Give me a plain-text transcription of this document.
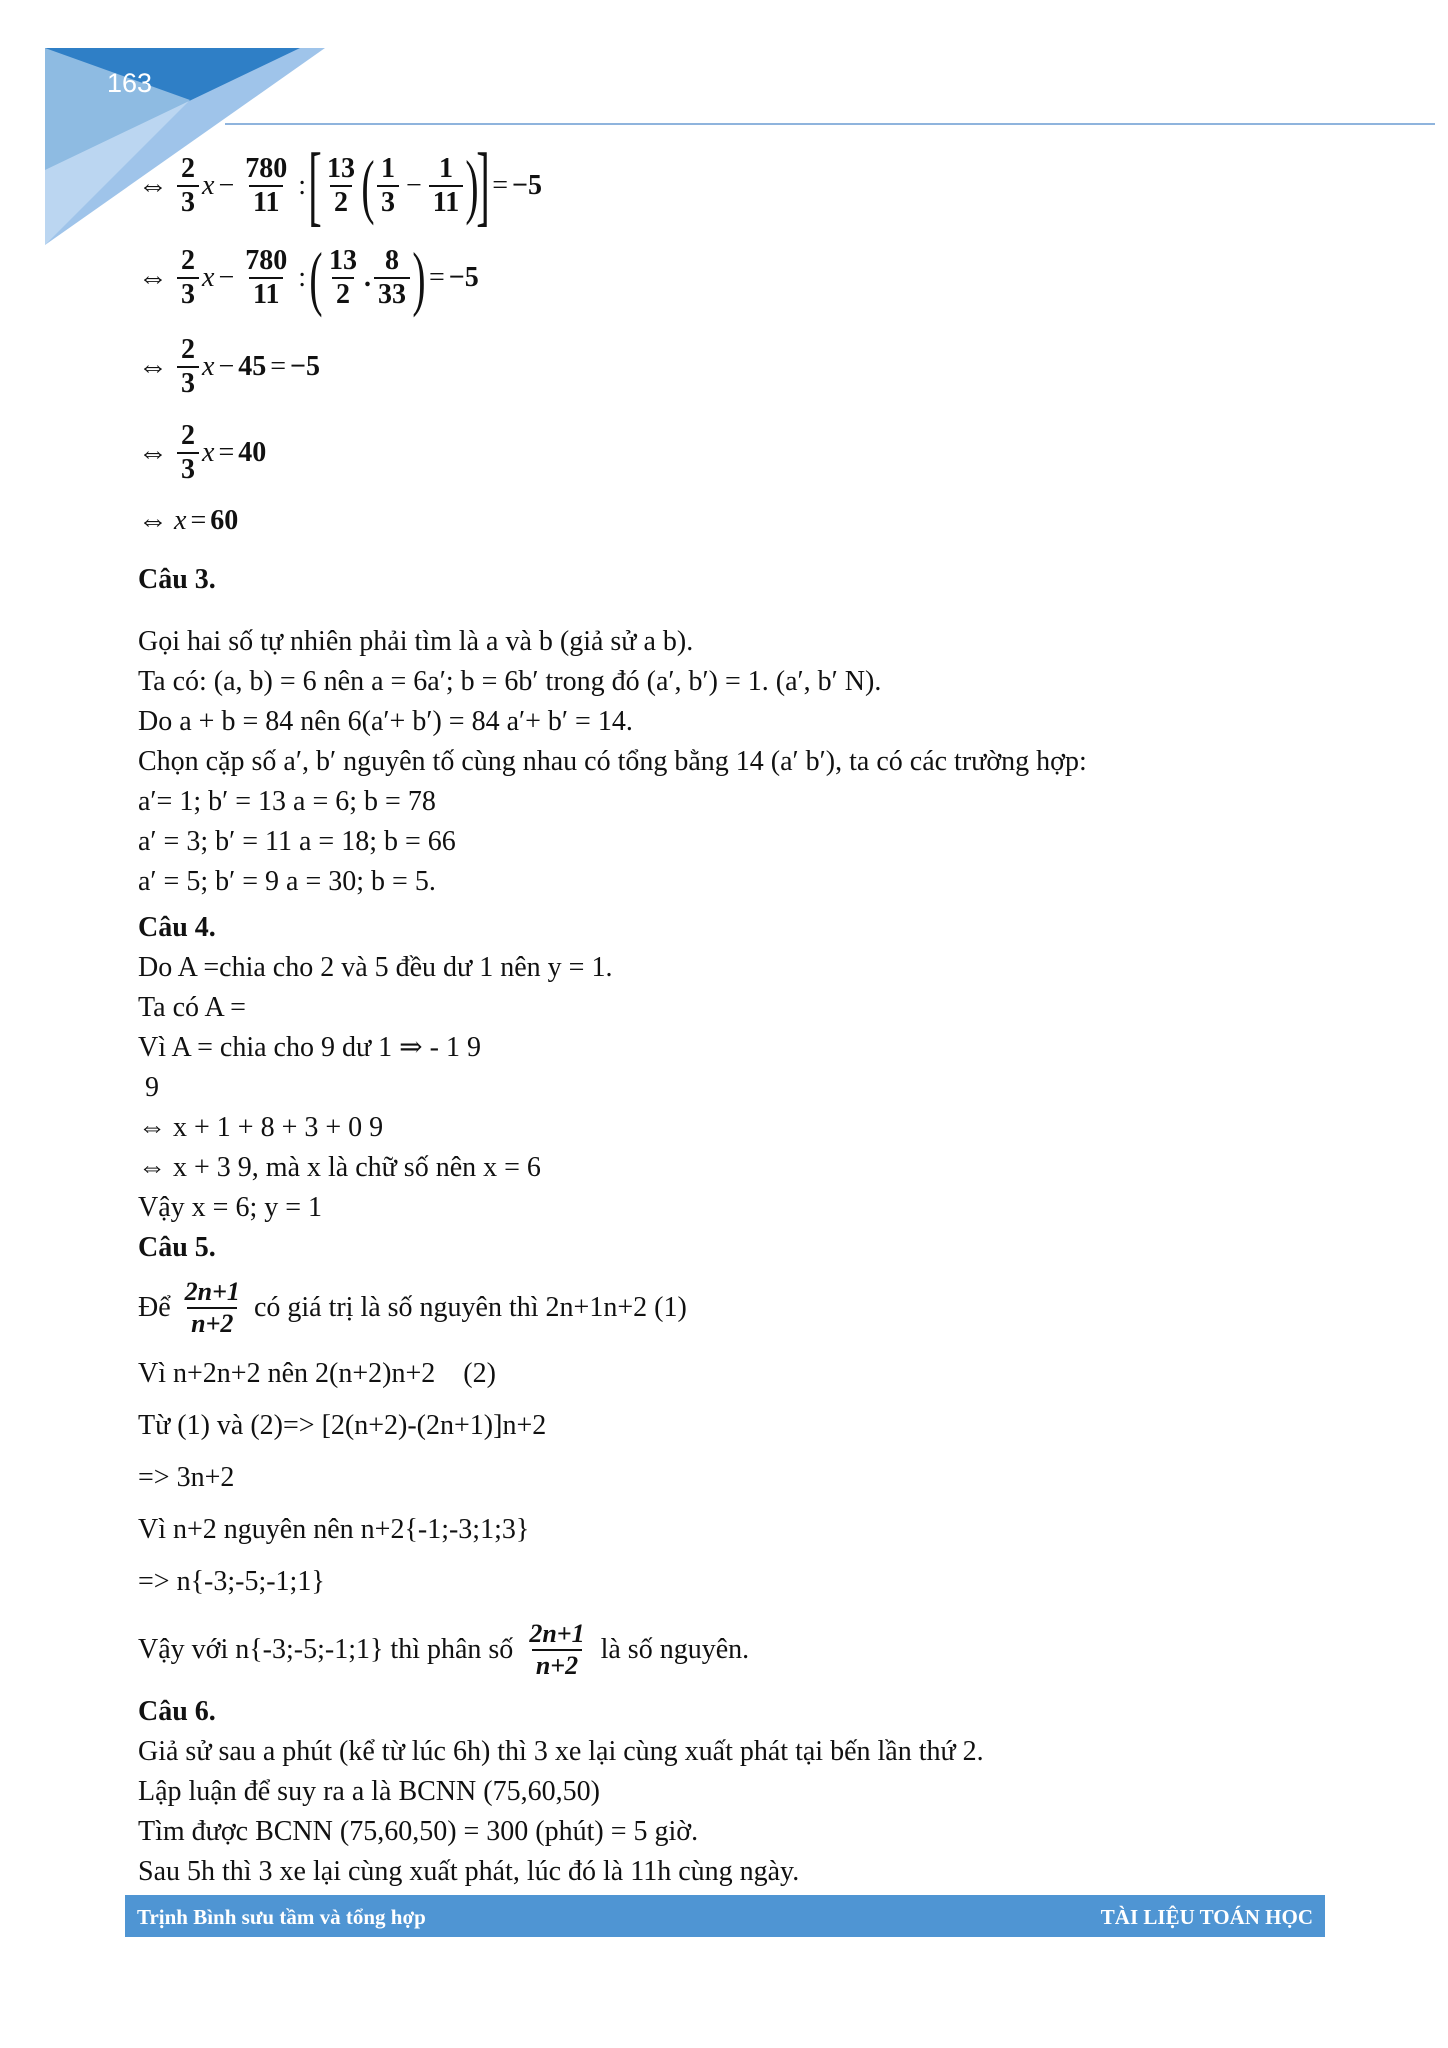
163
⇔ $\frac{2}{3}$ $x - \frac{780}{11}$ : [ $\frac{13}{2}$ ( $\frac{1}{3} - \frac{1}{11}$ )
] = −5
⇔ $\frac{2}{3}$ $x - \frac{780}{11}$ : ( $\frac{13}{2}$ . $\frac{8}{33}$ ) = −5
⇔ $\frac{2}{3}$ x − 45 = −5
⇔ $\frac{2}{3}$ x = 40
⇔ x = 60
Câu 3.
Gọi hai số tự nhiên phải tìm là a và b (giả sử a b).
Ta có: (a, b) = 6 nên a = 6a′; b = 6b′ trong đó (a′, b′) = 1. (a′, b′ N).
Do a + b = 84 nên 6(a′+ b′) = 84 a′+ b′ = 14.
Chọn cặp số a′, b′ nguyên tố cùng nhau có tổng bằng 14 (a′ b′), ta có các trường hợp:
a′= 1; b′ = 13 a = 6; b = 78
a′ = 3; b′ = 11 a = 18; b = 66
a′ = 5; b′ = 9 a = 30; b = 5.
Câu 4.
Do A =chia cho 2 và 5 đều dư 1 nên y = 1.
Ta có A =
Vì A = chia cho 9 dư 1 ⇒ - 1 9
9
⇔ x + 1 + 8 + 3 + 0 9
⇔ x + 3 9, mà x là chữ số nên x = 6
Vậy x = 6; y = 1
Câu 5.
Để $\frac{2n+1}{n+2}$ có giá trị là số nguyên thì 2n+1n+2 (1)
Vì n+2n+2 nên 2(n+2)n+2    (2)
Từ (1) và (2)=> [2(n+2)-(2n+1)]n+2
=> 3n+2
Vì n+2 nguyên nên n+2{-1;-3;1;3}
=> n{-3;-5;-1;1}
Vậy với n{-3;-5;-1;1} thì phân số $\frac{2n+1}{n+2}$ là số nguyên.
Câu 6.
Giả sử sau a phút (kể từ lúc 6h) thì 3 xe lại cùng xuất phát tại bến lần thứ 2.
Lập luận để suy ra a là BCNN (75,60,50)
Tìm được BCNN (75,60,50) = 300 (phút) = 5 giờ.
Sau 5h thì 3 xe lại cùng xuất phát, lúc đó là 11h cùng ngày.
Trịnh Bình sưu tầm và tổng hợp	TÀI LIỆU TOÁN HỌC
